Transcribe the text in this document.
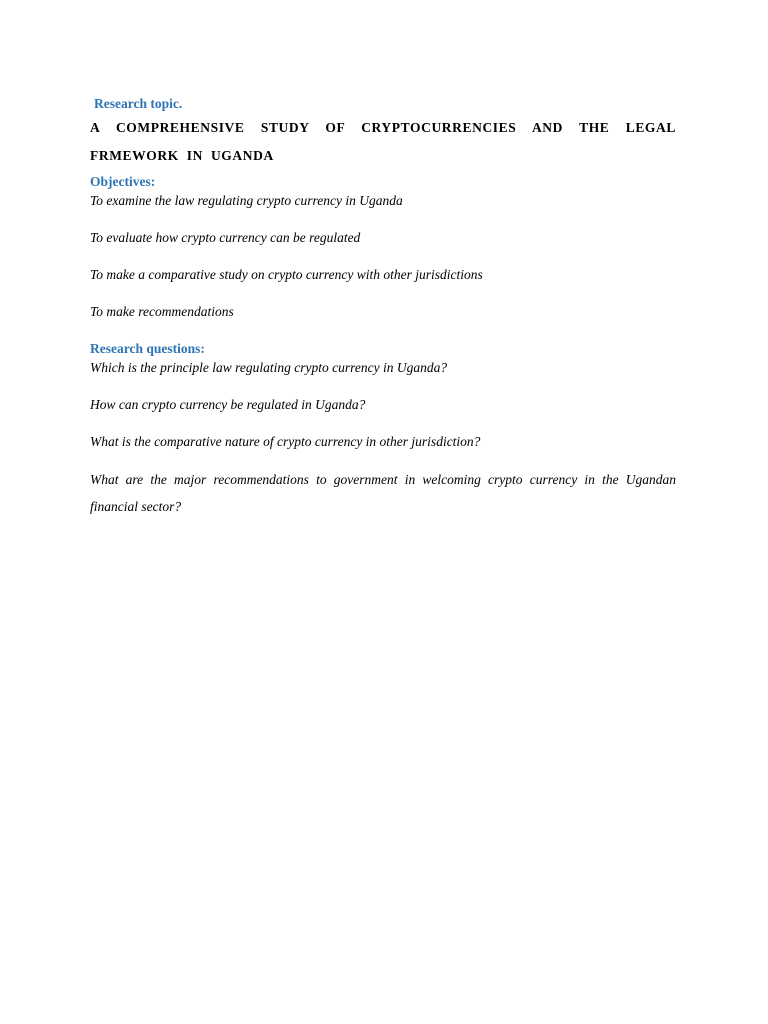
Research topic.

A COMPREHENSIVE STUDY OF CRYPTOCURRENCIES AND THE LEGAL
FRMEWORK IN UGANDA

Objectives:

To examine the law regulating crypto currency in Uganda

To evaluate how crypto currency can be regulated

To make a comparative study on crypto currency with other jurisdictions

To make recommendations

Research questions:

Which is the principle law regulating crypto currency in Uganda?

How can crypto currency be regulated in Uganda?

What is the comparative nature of crypto currency in other jurisdiction?

What are the major recommendations to government in welcoming crypto currency in the Ugandan financial sector?
